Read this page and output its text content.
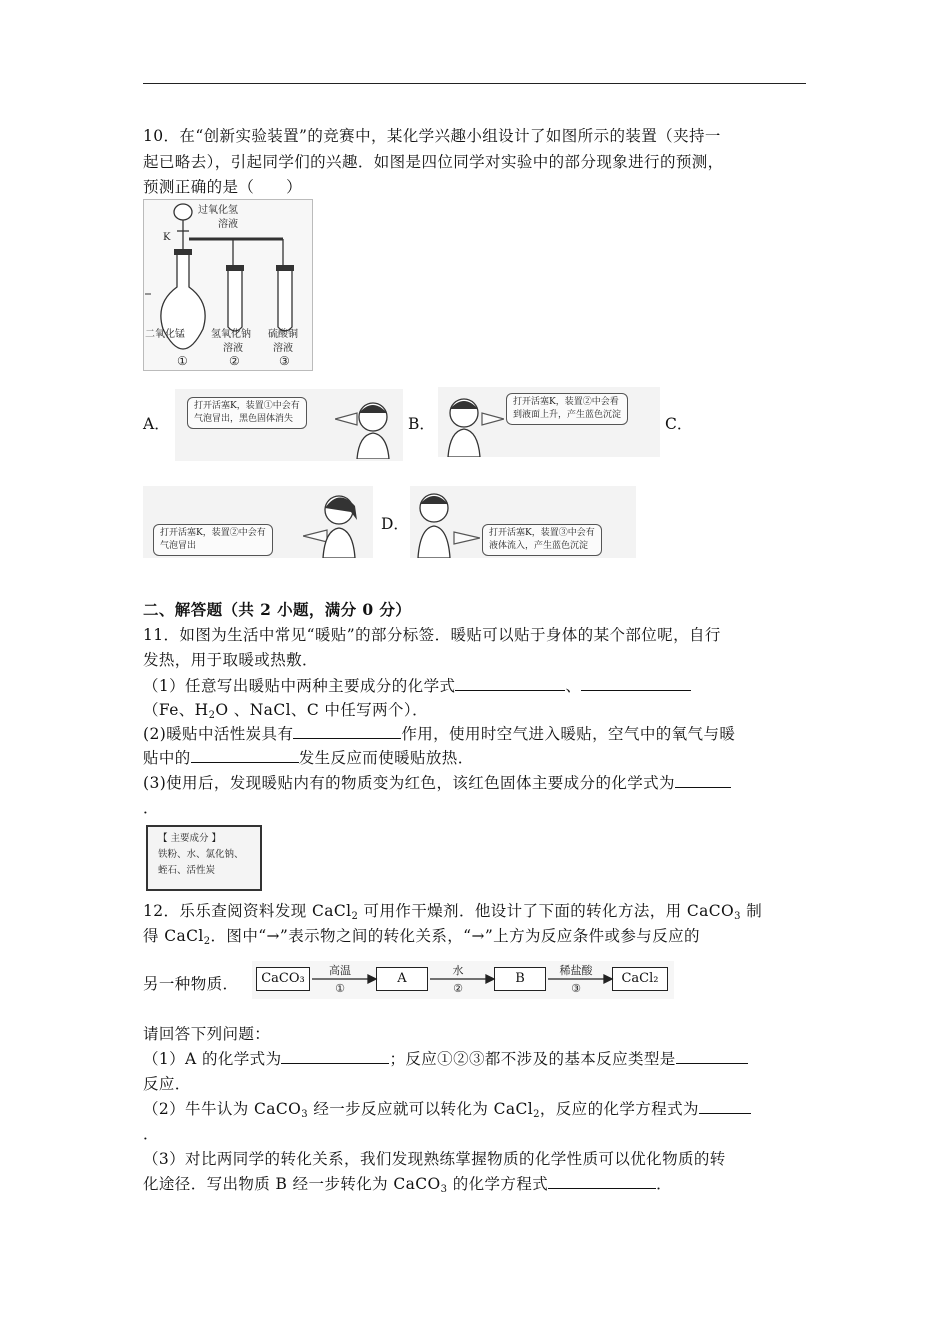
10．在“创新实验装置”的竞赛中，某化学兴趣小组设计了如图所示的装置（夹持一
起已略去），引起同学们的兴趣．如图是四位同学对实验中的部分现象进行的预测，
预测正确的是（　　）
过氧化氢
溶液
K
二氧化锰	氢氧化钠
溶液
硫酸铜
溶液
①	②	③
A．
打开活塞K，装置①中会有
气泡冒出，黑色固体消失	B．
打开活塞K，装置②中会看
到液面上升，产生蓝色沉淀	C．
打开活塞K，装置②中会有
气泡冒出
D．	打开活塞K，装置③中会有
液体流入，产生蓝色沉淀
二、解答题（共 2 小题，满分 0 分）
11．如图为生活中常见“暖贴”的部分标签．暖贴可以贴于身体的某个部位呢，自行
发热，用于取暖或热敷．
（1）任意写出暖贴中两种主要成分的化学式	、
（Fe、$H_2O$ 、NaCl、C 中任写两个）．
(2)暖贴中活性炭具有	作用，使用时空气进入暖贴，空气中的氧气与暖
贴中的	发生反应而使暖贴放热．
(3)使用后，发现暖贴内有的物质变为红色，该红色固体主要成分的化学式为
．
【 主要成分 】
铁粉、水、氯化钠、
蛭石、活性炭
12．乐乐查阅资料发现 CaCl$_2$ 可用作干燥剂．他设计了下面的转化方法，用 CaCO$_3$ 制
得 CaCl$_2$．图中“→”表示物之间的转化关系，“→”上方为反应条件或参与反应的
另一种物质．	CaCO₃
高温
①
A
水
②
B
稀盐酸
③
CaCl₂
请回答下列问题：
（1）A 的化学式为	；反应①②③都不涉及的基本反应类型是
反应．
（2）牛牛认为 CaCO$_3$ 经一步反应就可以转化为 CaCl$_2$，反应的化学方程式为
．
（3）对比两同学的转化关系，我们发现熟练掌握物质的化学性质可以优化物质的转
化途径．写出物质 B 经一步转化为 CaCO$_3$ 的化学方程式	．
